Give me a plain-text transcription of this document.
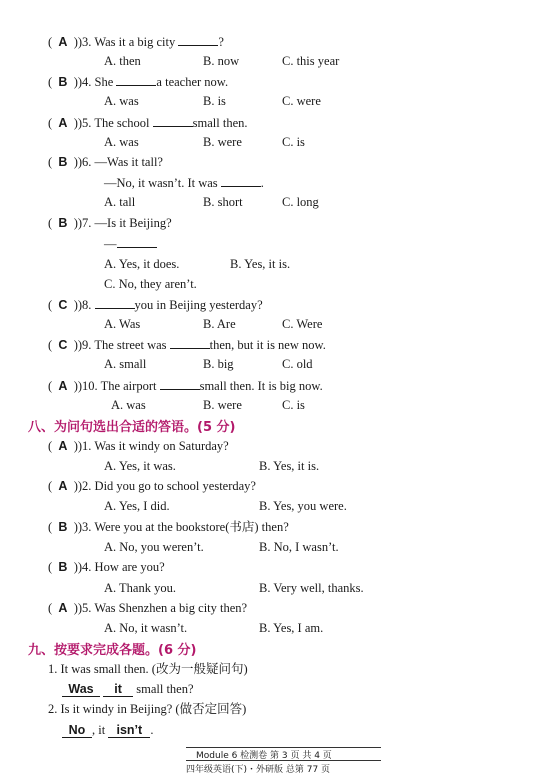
(  A  ))3. Was it a big city	?
A. then	B. now	C. this year
(  B  ))4. She	a teacher now.
A. was	B. is	C. were
(  A  ))5. The school	small then.
A. was	B. were	C. is
(  B  ))6. —Was it tall?
—No, it wasn’t. It was	.
A. tall	B. short	C. long
(  B  ))7. —Is it Beijing?
—
A. Yes, it does.	B. Yes, it is.
C. No, they aren’t.
(  C  ))8.	you in Beijing yesterday?
A. Was	B. Are	C. Were
(  C  ))9. The street was	then, but it is new now.
A. small	B. big	C. old
(  A  ))10. The airport	small then. It is big now.
A. was	B. were	C. is
八、为问句选出合适的答语。(5 分)
(  A  ))1. Was it windy on Saturday?
A. Yes, it was.	B. Yes, it is.
(  A  ))2. Did you go to school yesterday?
A. Yes, I did.	B. Yes, you were.
(  B  ))3. Were you at the bookstore(书店) then?
A. No, you weren’t.	B. No, I wasn’t.
(  B  ))4. How are you?
A. Thank you.	B. Very well, thanks.
(  A  ))5. Was Shenzhen a big city then?
A. No, it wasn’t.	B. Yes, I am.
九、按要求完成各题。(6 分)
1. It was small then. (改为一般疑问句)
Was it small then?
2. Is it windy in Beijing? (做否定回答)
No , it isn’t .
Module 6 检测卷 第 3 页 共 4 页
四年级英语(下)・外研版 总第 77 页
